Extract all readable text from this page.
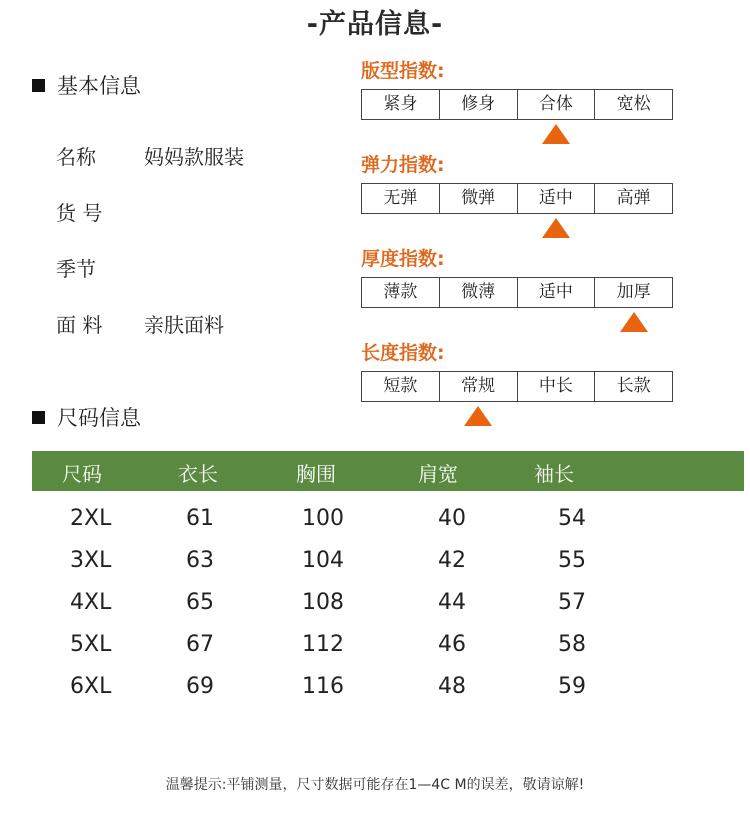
-产品信息-
基本信息
名称 妈妈款服装
货 号
季节
面 料 亲肤面料
版型指数:
紧身	修身	合体	宽松
弹力指数:
无弹	微弹	适中	高弹
厚度指数:
薄款	微薄	适中	加厚
长度指数:
短款	常规	中长	长款
尺码信息
尺码	衣长	胸围	肩宽	袖长
2XL	61	100	40	54
3XL	63	104	42	55
4XL	65	108	44	57
5XL	67	112	46	58
6XL	69	116	48	59
温馨提示:平铺测量，尺寸数据可能存在1—4C M的误差，敬请谅解!
